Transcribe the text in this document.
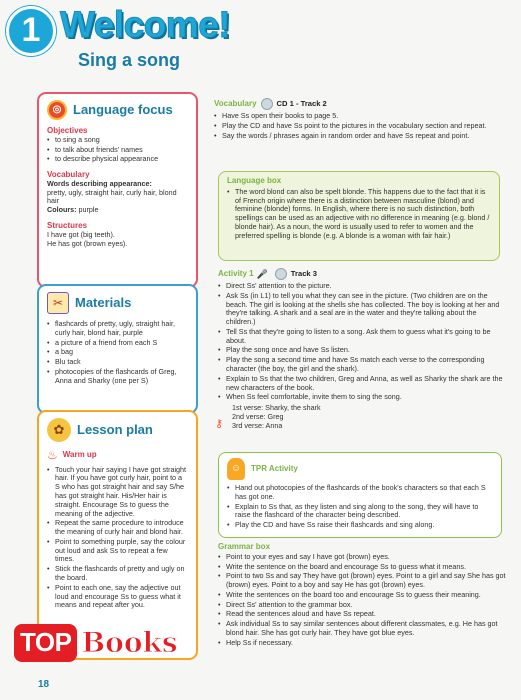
1 Welcome!
Sing a song
◎ Language focus
Objectives
• to sing a song
• to talk about friends' names
• to describe physical appearance
Vocabulary
Words describing appearance:
pretty, ugly, straight hair, curly hair, blond hair
Colours: purple
Structures
I have got (big teeth).
He has got (brown eyes).
✂ Materials
• flashcards of pretty, ugly, straight hair, curly hair, blond hair, purple
• a picture of a friend from each S
• a bag
• Blu tack
• photocopies of the flashcards of Greg, Anna and Sharky (one per S)
✿ Lesson plan
♨ Warm up
• Touch your hair saying I have got straight hair. If you have got curly hair, point to a S who has got straight hair and say S/he has got straight hair. His/Her hair is straight. Encourage Ss to guess the meaning of the adjective.
• Repeat the same procedure to introduce the meaning of curly hair and blond hair.
• Point to something purple, say the colour out loud and ask Ss to repeat a few times.
• Stick the flashcards of pretty and ugly on the board.
• Point to each one, say the adjective out loud and encourage Ss to guess what it means and repeat after you.
Vocabulary	CD 1 - Track 2
• Have Ss open their books to page 5.
• Play the CD and have Ss point to the pictures in the vocabulary section and repeat.
• Say the words / phrases again in random order and have Ss repeat and point.
Language box
• The word blond can also be spelt blonde. This happens due to the fact that it is of French origin where there is a distinction between masculine (blond) and feminine (blonde) forms. In English, where there is no such distinction, both spellings can be used as an adjective with no difference in meaning (e.g. blond / blonde hair). As a noun, the word is usually used to refer to women and the preferred spelling is blonde (e.g. A blonde is a woman with fair hair.)
Activity 1 🎤	Track 3
• Direct Ss' attention to the picture.
• Ask Ss (in L1) to tell you what they can see in the picture. (Two children are on the beach. The girl is looking at the shells she has collected. The boy is looking at her and they're talking. A shark and a seal are in the water and they're talking about the children.)
• Tell Ss that they're going to listen to a song. Ask them to guess what it's going to be about.
• Play the song once and have Ss listen.
• Play the song a second time and have Ss match each verse to the corresponding character (the boy, the girl and the shark).
• Explain to Ss that the two children, Greg and Anna, as well as Sharky the shark are the new characters of the book.
• When Ss feel comfortable, invite them to sing the song.
1st verse: Sharky, the shark
2nd verse: Greg
3rd verse: Anna
⚷
☺	TPR Activity
• Hand out photocopies of the flashcards of the book's characters so that each S has got one.
• Explain to Ss that, as they listen and sing along to the song, they will have to raise the flashcard of the character being described.
• Play the CD and have Ss raise their flashcards and sing along.
Grammar box
• Point to your eyes and say I have got (brown) eyes.
• Write the sentence on the board and encourage Ss to guess what it means.
• Point to two Ss and say They have got (brown) eyes. Point to a girl and say She has got (brown) eyes. Point to a boy and say He has got (brown) eyes.
• Write the sentences on the board too and encourage Ss to guess their meaning.
• Direct Ss' attention to the grammar box.
• Read the sentences aloud and have Ss repeat.
• Ask individual Ss to say similar sentences about different classmates, e.g. He has got blond hair. She has got curly hair. They have got blue eyes.
• Help Ss if necessary.
18
TOP Books
